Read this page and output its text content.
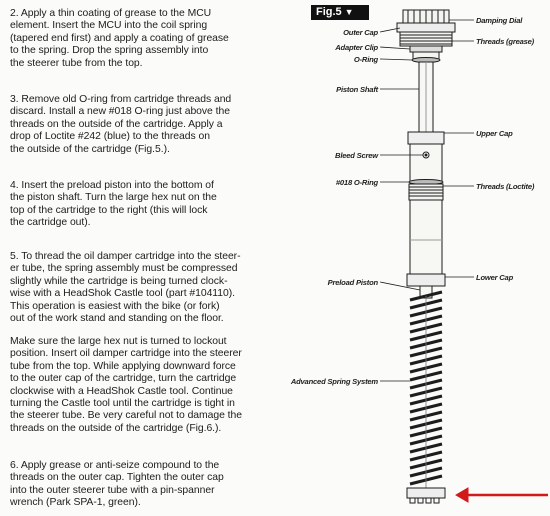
2. Apply a thin coating of grease to the MCU
element. Insert the MCU into the coil spring
(tapered end first) and apply a coating of grease
to the spring. Drop the spring assembly into
the steerer tube from the top.

3. Remove old O-ring from cartridge threads and
discard. Install a new #018 O-ring just above the
threads on the outside of the cartridge. Apply a
drop of Loctite #242 (blue) to the threads on
the outside of the cartridge (Fig.5.).

4. Insert the preload piston into the bottom of
the piston shaft. Turn the large hex nut on the
top of the cartridge to the right (this will lock
the cartridge out).

5. To thread the oil damper cartridge into the steer-
er tube, the spring assembly must be compressed
slightly while the cartridge is being turned clock-
wise with a HeadShok Castle tool (part #104110).
This operation is easiest with the bike (or fork)
out of the work stand and standing on the floor.

Make sure the large hex nut is turned to lockout
position. Insert oil damper cartridge into the steerer
tube from the top. While applying downward force
to the outer cap of the cartridge, turn the cartridge
clockwise with a HeadShok Castle tool. Continue
turning the Castle tool until the cartridge is tight in
the steerer tube. Be very careful not to damage the
threads on the outside of the cartridge (Fig.6.).

6. Apply grease or anti-seize compound to the
threads on the outer cap. Tighten the outer cap
into the outer steerer tube with a pin-spanner
wrench (Park SPA-1, green).

Fig.5 ▼
Outer Cap
Adapter Clip
O-Ring
Piston Shaft
Bleed Screw
#018 O-Ring
Preload Piston
Advanced Spring System
Damping Dial
Threads (grease)
Upper Cap
Threads (Loctite)
Lower Cap
